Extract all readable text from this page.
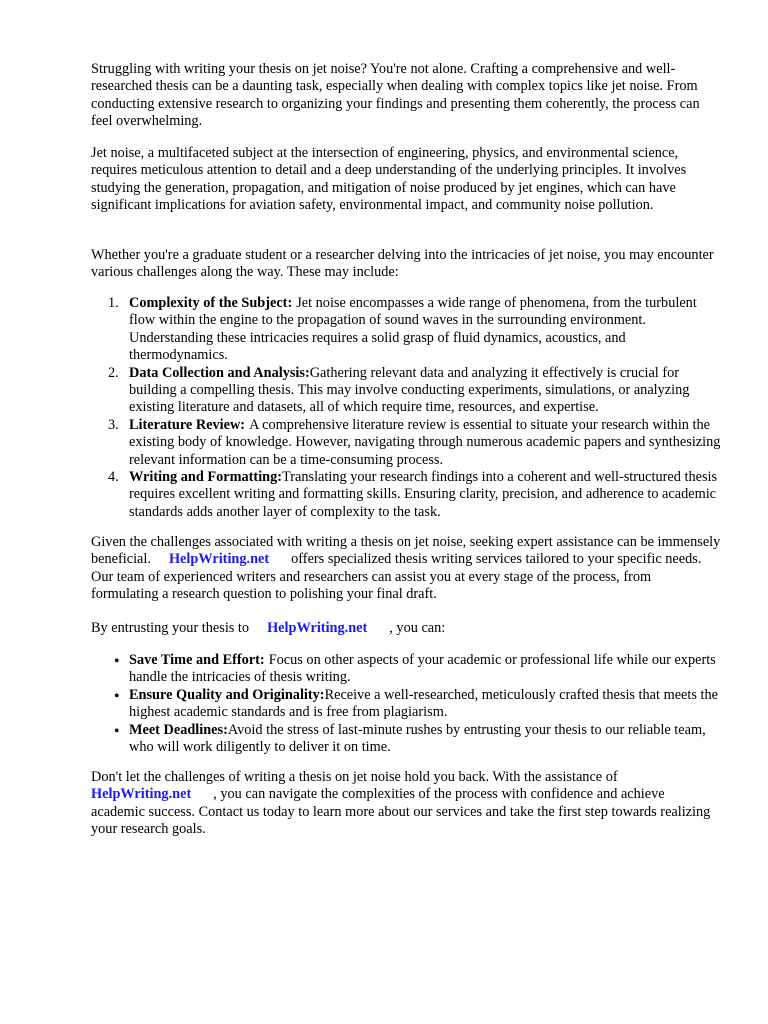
Struggling with writing your thesis on jet noise? You're not alone. Crafting a comprehensive and well-researched thesis can be a daunting task, especially when dealing with complex topics like jet noise. From conducting extensive research to organizing your findings and presenting them coherently, the process can feel overwhelming.

Jet noise, a multifaceted subject at the intersection of engineering, physics, and environmental science, requires meticulous attention to detail and a deep understanding of the underlying principles. It involves studying the generation, propagation, and mitigation of noise produced by jet engines, which can have significant implications for aviation safety, environmental impact, and community noise pollution.

Whether you're a graduate student or a researcher delving into the intricacies of jet noise, you may encounter various challenges along the way. These may include:

1. Complexity of the Subject: Jet noise encompasses a wide range of phenomena, from the turbulent flow within the engine to the propagation of sound waves in the surrounding environment. Understanding these intricacies requires a solid grasp of fluid dynamics, acoustics, and thermodynamics.
2. Data Collection and Analysis:Gathering relevant data and analyzing it effectively is crucial for building a compelling thesis. This may involve conducting experiments, simulations, or analyzing existing literature and datasets, all of which require time, resources, and expertise.
3. Literature Review: A comprehensive literature review is essential to situate your research within the existing body of knowledge. However, navigating through numerous academic papers and synthesizing relevant information can be a time-consuming process.
4. Writing and Formatting:Translating your research findings into a coherent and well-structured thesis requires excellent writing and formatting skills. Ensuring clarity, precision, and adherence to academic standards adds another layer of complexity to the task.

Given the challenges associated with writing a thesis on jet noise, seeking expert assistance can be immensely beneficial. HelpWriting.net offers specialized thesis writing services tailored to your specific needs. Our team of experienced writers and researchers can assist you at every stage of the process, from formulating a research question to polishing your final draft.

By entrusting your thesis to HelpWriting.net , you can:

• Save Time and Effort: Focus on other aspects of your academic or professional life while our experts handle the intricacies of thesis writing.
• Ensure Quality and Originality:Receive a well-researched, meticulously crafted thesis that meets the highest academic standards and is free from plagiarism.
• Meet Deadlines:Avoid the stress of last-minute rushes by entrusting your thesis to our reliable team, who will work diligently to deliver it on time.

Don't let the challenges of writing a thesis on jet noise hold you back. With the assistance of
HelpWriting.net , you can navigate the complexities of the process with confidence and achieve academic success. Contact us today to learn more about our services and take the first step towards realizing your research goals.
